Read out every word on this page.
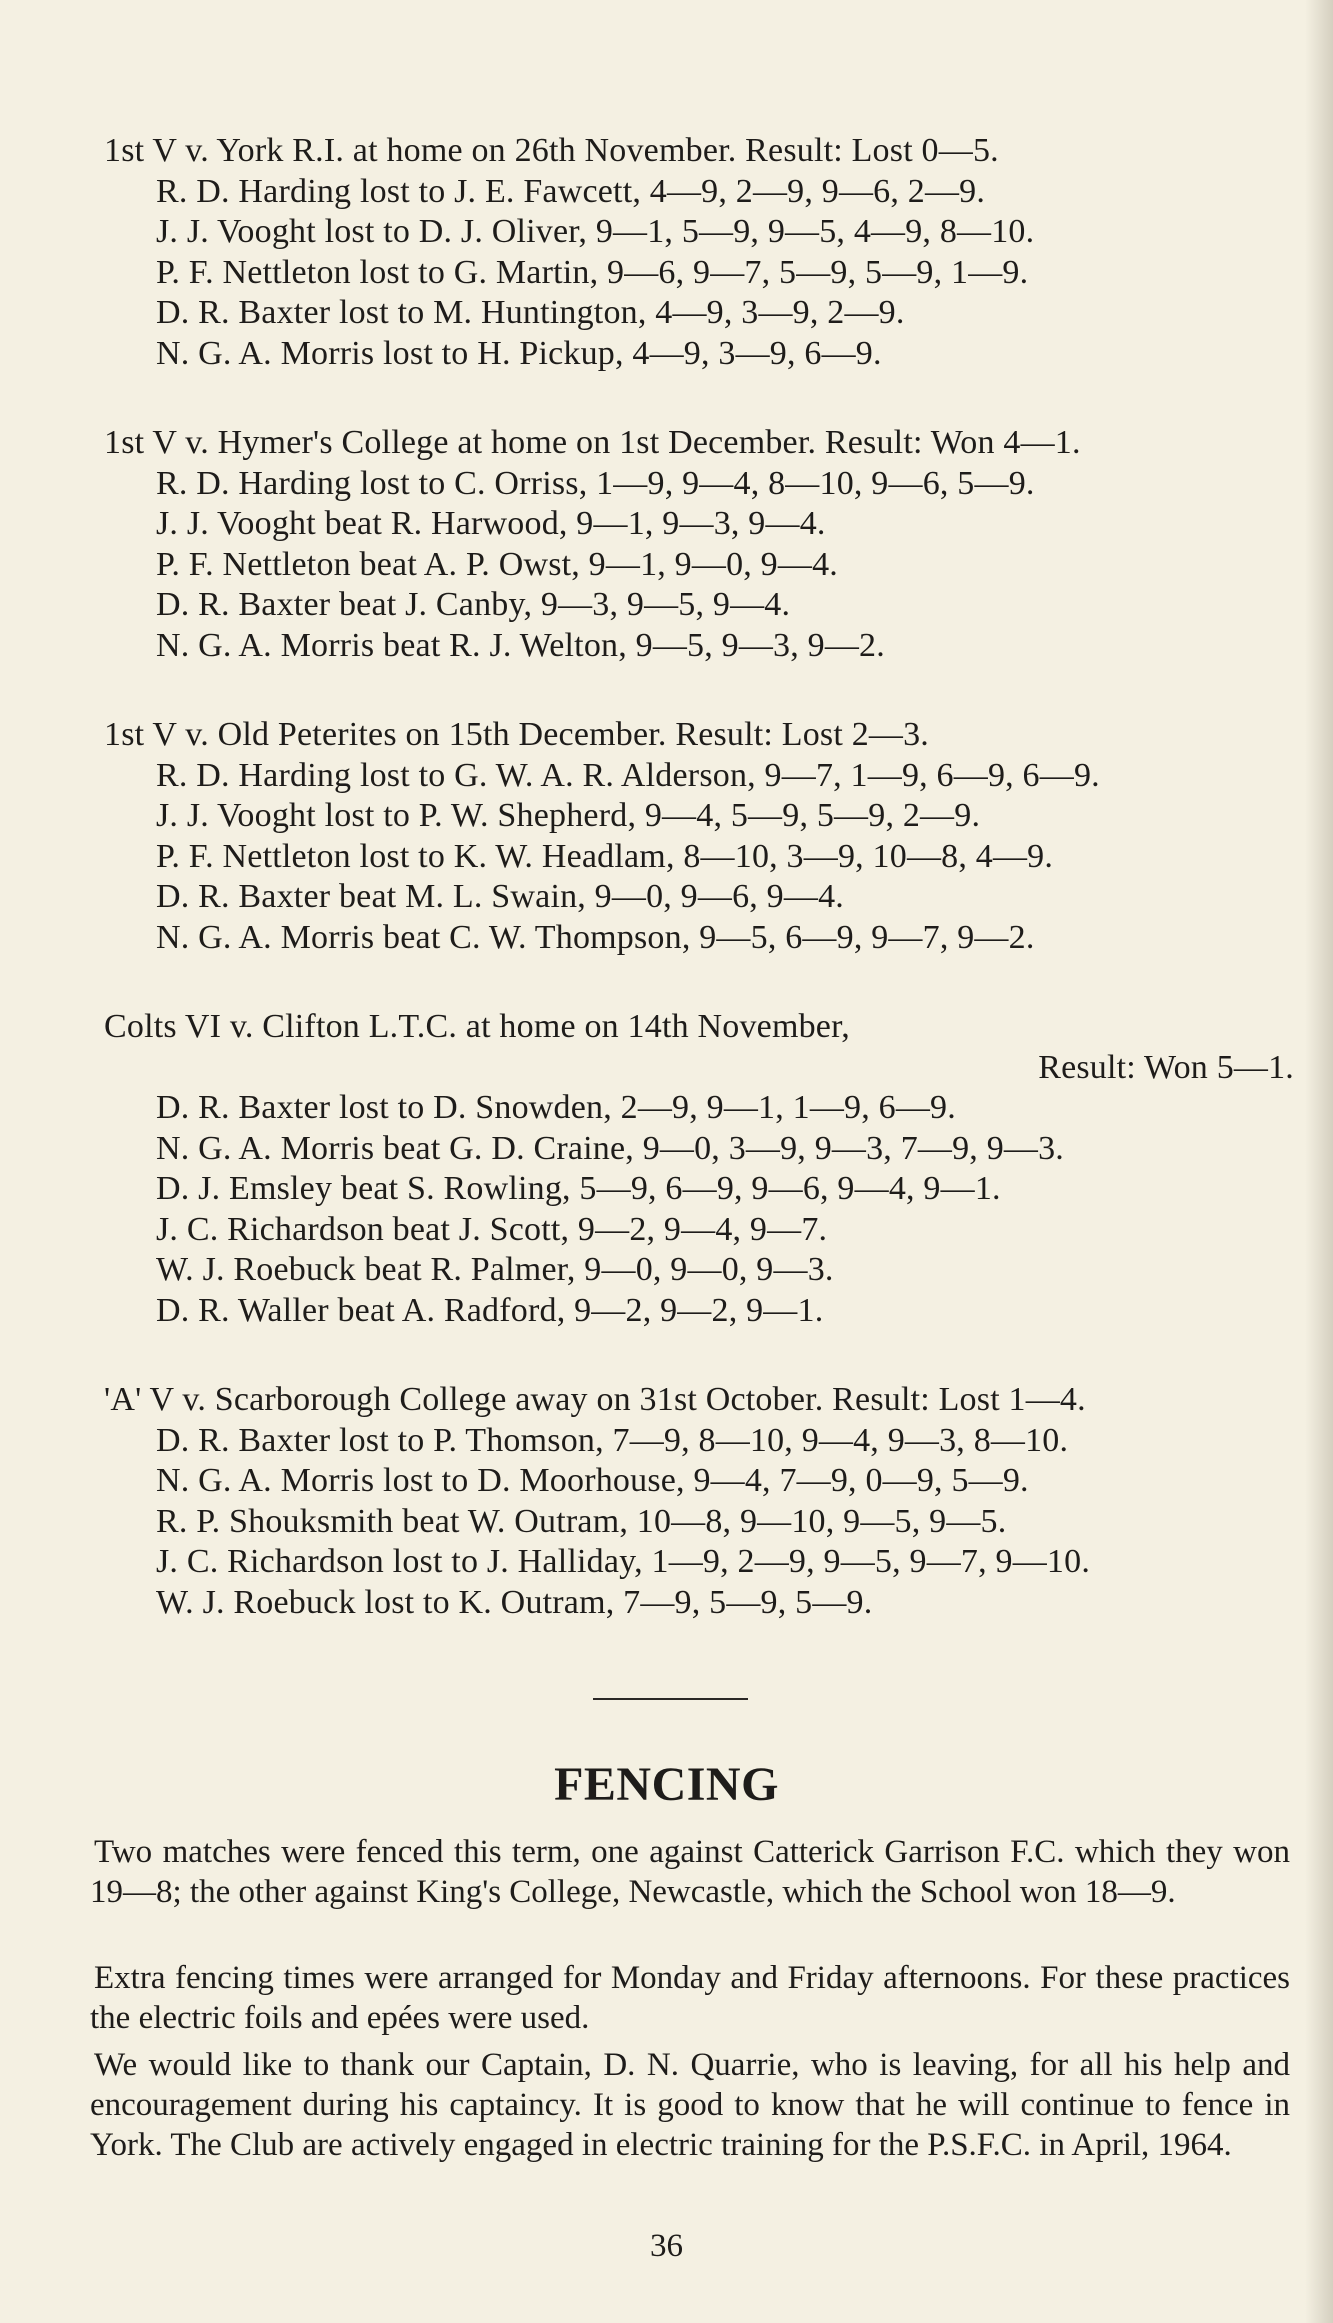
1st V v. York R.I. at home on 26th November. Result: Lost 0—5.
R. D. Harding lost to J. E. Fawcett, 4—9, 2—9, 9—6, 2—9.
J. J. Vooght lost to D. J. Oliver, 9—1, 5—9, 9—5, 4—9, 8—10.
P. F. Nettleton lost to G. Martin, 9—6, 9—7, 5—9, 5—9, 1—9.
D. R. Baxter lost to M. Huntington, 4—9, 3—9, 2—9.
N. G. A. Morris lost to H. Pickup, 4—9, 3—9, 6—9.
1st V v. Hymer's College at home on 1st December. Result: Won 4—1.
R. D. Harding lost to C. Orriss, 1—9, 9—4, 8—10, 9—6, 5—9.
J. J. Vooght beat R. Harwood, 9—1, 9—3, 9—4.
P. F. Nettleton beat A. P. Owst, 9—1, 9—0, 9—4.
D. R. Baxter beat J. Canby, 9—3, 9—5, 9—4.
N. G. A. Morris beat R. J. Welton, 9—5, 9—3, 9—2.
1st V v. Old Peterites on 15th December. Result: Lost 2—3.
R. D. Harding lost to G. W. A. R. Alderson, 9—7, 1—9, 6—9, 6—9.
J. J. Vooght lost to P. W. Shepherd, 9—4, 5—9, 5—9, 2—9.
P. F. Nettleton lost to K. W. Headlam, 8—10, 3—9, 10—8, 4—9.
D. R. Baxter beat M. L. Swain, 9—0, 9—6, 9—4.
N. G. A. Morris beat C. W. Thompson, 9—5, 6—9, 9—7, 9—2.
Colts VI v. Clifton L.T.C. at home on 14th November,
Result: Won 5—1.
D. R. Baxter lost to D. Snowden, 2—9, 9—1, 1—9, 6—9.
N. G. A. Morris beat G. D. Craine, 9—0, 3—9, 9—3, 7—9, 9—3.
D. J. Emsley beat S. Rowling, 5—9, 6—9, 9—6, 9—4, 9—1.
J. C. Richardson beat J. Scott, 9—2, 9—4, 9—7.
W. J. Roebuck beat R. Palmer, 9—0, 9—0, 9—3.
D. R. Waller beat A. Radford, 9—2, 9—2, 9—1.
'A' V v. Scarborough College away on 31st October. Result: Lost 1—4.
D. R. Baxter lost to P. Thomson, 7—9, 8—10, 9—4, 9—3, 8—10.
N. G. A. Morris lost to D. Moorhouse, 9—4, 7—9, 0—9, 5—9.
R. P. Shouksmith beat W. Outram, 10—8, 9—10, 9—5, 9—5.
J. C. Richardson lost to J. Halliday, 1—9, 2—9, 9—5, 9—7, 9—10.
W. J. Roebuck lost to K. Outram, 7—9, 5—9, 5—9.
FENCING
Two matches were fenced this term, one against Catterick Garrison F.C. which they won 19—8; the other against King's College, Newcastle, which the School won 18—9.
Extra fencing times were arranged for Monday and Friday afternoons. For these practices the electric foils and epées were used.
We would like to thank our Captain, D. N. Quarrie, who is leaving, for all his help and encouragement during his captaincy. It is good to know that he will continue to fence in York. The Club are actively engaged in electric training for the P.S.F.C. in April, 1964.
36
